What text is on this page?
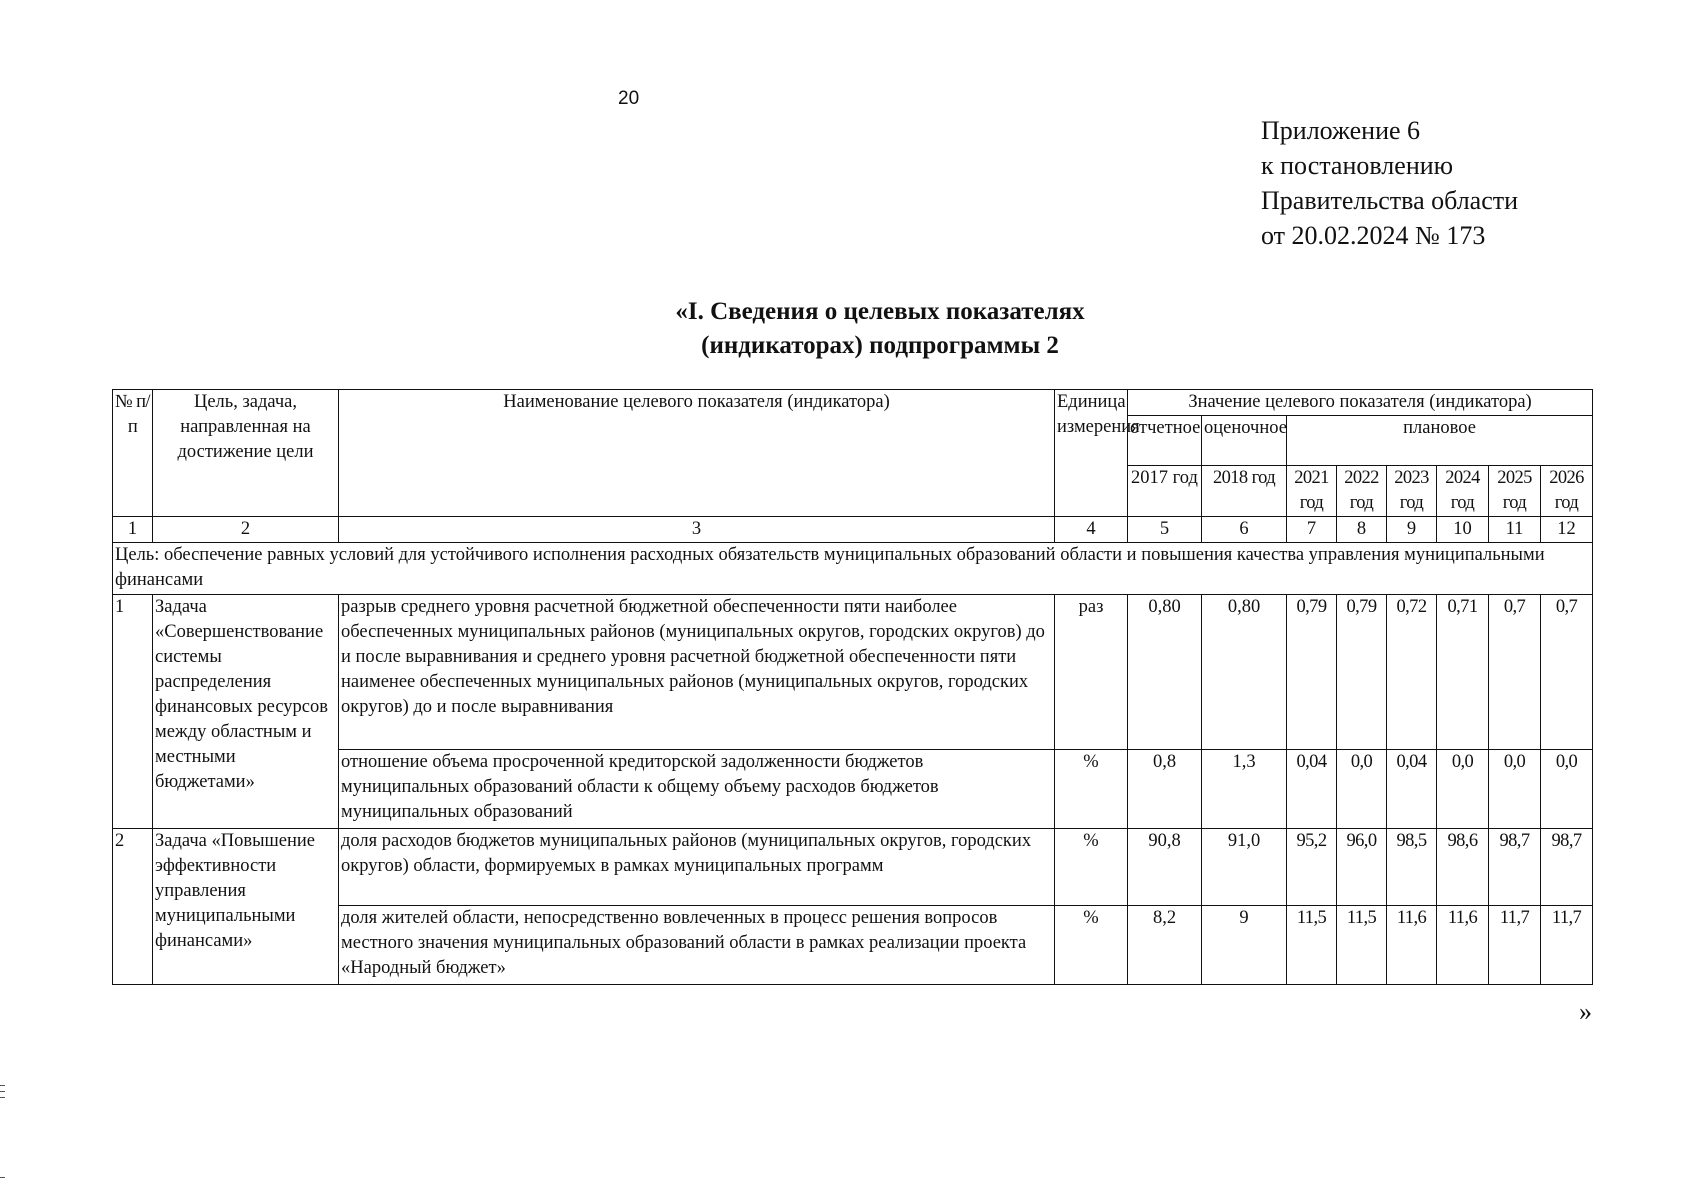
20
Приложение 6
к постановлению
Правительства области
от 20.02.2024 № 173
«I. Сведения о целевых показателях
(индикаторах) подпрограммы 2
№ п/п	Цель, задача, направленная на достижение цели	Наименование целевого показателя (индикатора)	Единица измерения	Значение целевого показателя (индикатора)							
				отчетное	оценочное	плановое					

				2017 год	2018 год	2021 год	2022 год	2023 год	2024 год	2025 год	2026 год
1	2	3	4	5	6	7	8	9	10	11	12
Цель: обеспечение равных условий для устойчивого исполнения расходных обязательств муниципальных образований области и повышения качества управления муниципальными финансами											
1	Задача «Совершенствование системы распределения финансовых ресурсов между областным и местными бюджетами»	разрыв среднего уровня расчетной бюджетной обеспеченности пяти наиболее обеспеченных муниципальных районов (муниципальных округов, городских округов) до и после выравнивания и среднего уровня расчетной бюджетной обеспеченности пяти наименее обеспеченных муниципальных районов (муниципальных округов, городских округов) до и после выравнивания	раз	0,80	0,80	0,79	0,79	0,72	0,71	0,7	0,7
		отношение объема просроченной кредиторской задолженности бюджетов муниципальных образований области к общему объему расходов бюджетов муниципальных образований	%	0,8	1,3	0,04	0,0	0,04	0,0	0,0	0,0
2	Задача «Повышение эффективности управления муниципальными финансами»	доля расходов бюджетов муниципальных районов (муниципальных округов, городских округов) области, формируемых в рамках муниципальных программ	%	90,8	91,0	95,2	96,0	98,5	98,6	98,7	98,7
		доля жителей области, непосредственно вовлеченных в процесс решения вопросов местного значения муниципальных образований области в рамках реализации проекта «Народный бюджет»	%	8,2	9	11,5	11,5	11,6	11,6	11,7	11,7
»
